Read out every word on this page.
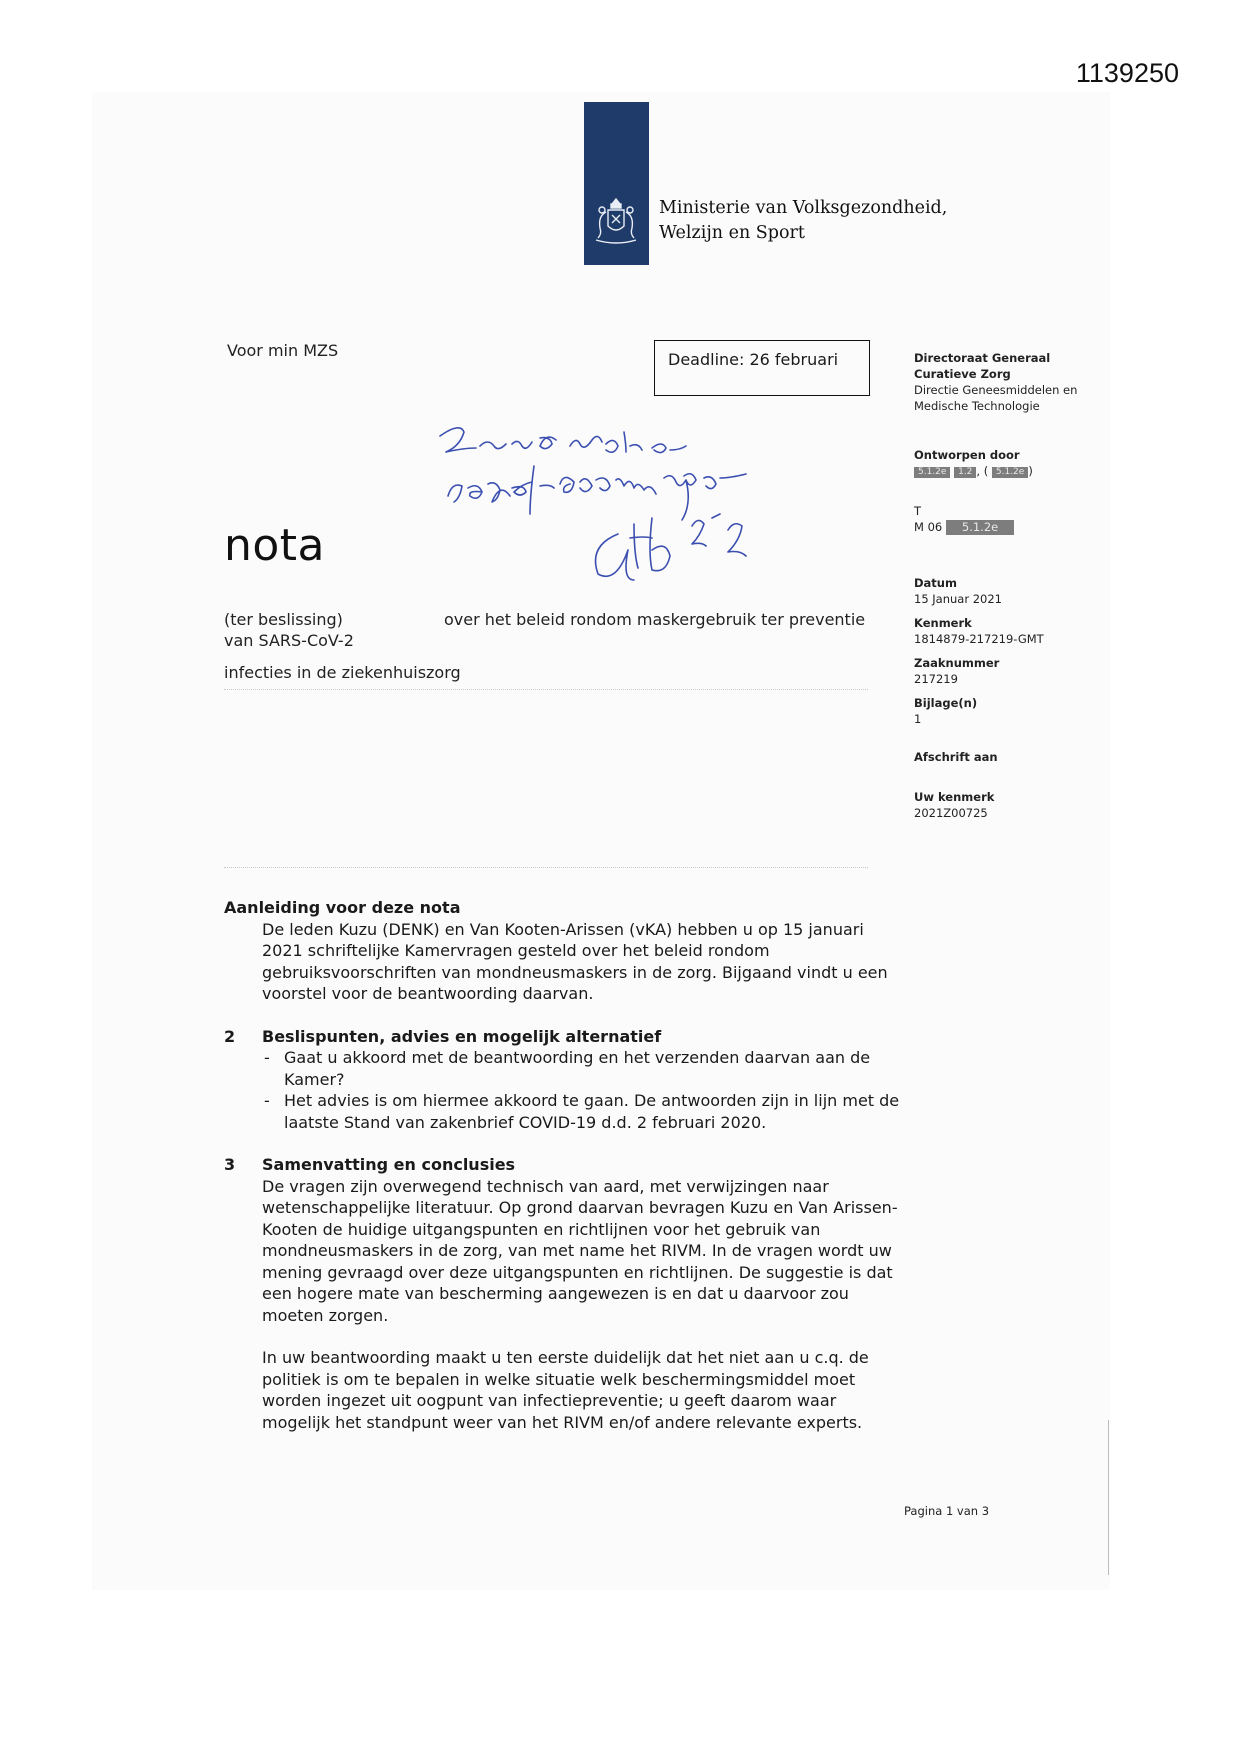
1139250
Ministerie van Volksgezondheid,
Welzijn en Sport
Voor min MZS	Deadline: 26 februari
nota
(ter beslissing)	over het beleid rondom maskergebruik ter preventie
van SARS-CoV-2
infecties in de ziekenhuiszorg
Directoraat Generaal
Curatieve Zorg
Directie Geneesmiddelen en
Medische Technologie
Ontworpen door
5.1.2e 1.2 , ( 5.1.2e )
T
M 06 5.1.2e
Datum
15 Januar 2021
Kenmerk
1814879-217219-GMT
Zaaknummer
217219
Bijlage(n)
1
Afschrift aan
Uw kenmerk
2021Z00725
Aanleiding voor deze nota
De leden Kuzu (DENK) en Van Kooten-Arissen (vKA) hebben u op 15 januari 2021 schriftelijke Kamervragen gesteld over het beleid rondom gebruiksvoorschriften van mondneusmaskers in de zorg. Bijgaand vindt u een voorstel voor de beantwoording daarvan.
2	Beslispunten, advies en mogelijk alternatief
- Gaat u akkoord met de beantwoording en het verzenden daarvan aan de Kamer?
- Het advies is om hiermee akkoord te gaan. De antwoorden zijn in lijn met de laatste Stand van zakenbrief COVID-19 d.d. 2 februari 2020.
3	Samenvatting en conclusies
De vragen zijn overwegend technisch van aard, met verwijzingen naar wetenschappelijke literatuur. Op grond daarvan bevragen Kuzu en Van Arissen-Kooten de huidige uitgangspunten en richtlijnen voor het gebruik van mondneusmaskers in de zorg, van met name het RIVM. In de vragen wordt uw mening gevraagd over deze uitgangspunten en richtlijnen. De suggestie is dat een hogere mate van bescherming aangewezen is en dat u daarvoor zou moeten zorgen.
In uw beantwoording maakt u ten eerste duidelijk dat het niet aan u c.q. de politiek is om te bepalen in welke situatie welk beschermingsmiddel moet worden ingezet uit oogpunt van infectiepreventie; u geeft daarom waar mogelijk het standpunt weer van het RIVM en/of andere relevante experts.
Pagina 1 van 3
